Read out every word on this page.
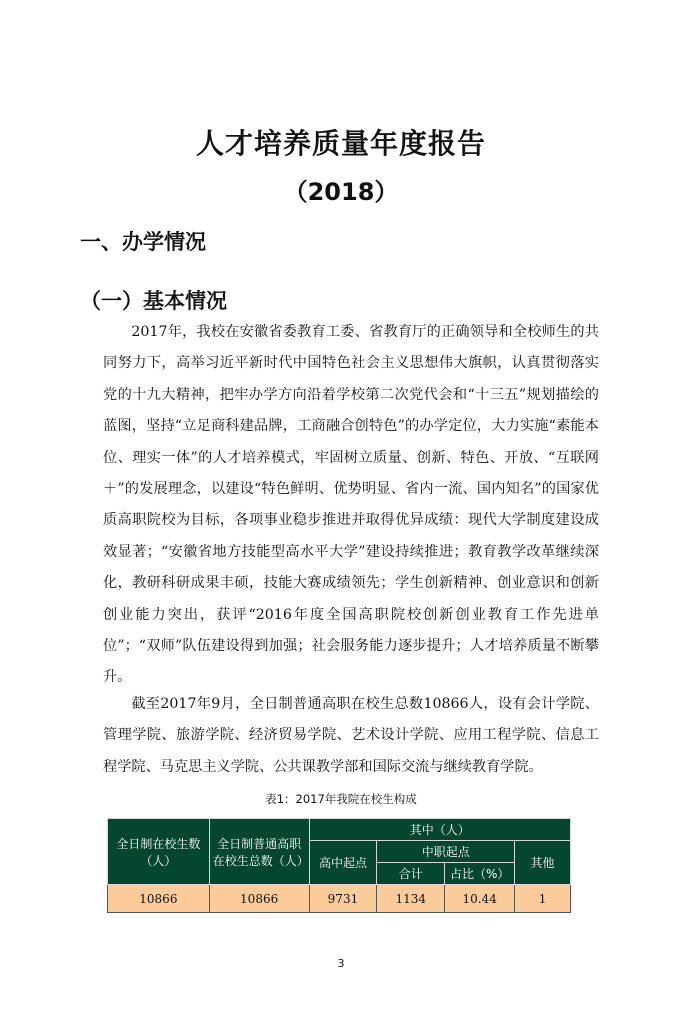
人才培养质量年度报告
（2018）
一、办学情况
（一）基本情况

2017年，我校在安徽省委教育工委、省教育厅的正确领导和全校师生的共同努力下，高举习近平新时代中国特色社会主义思想伟大旗帜，认真贯彻落实党的十九大精神，把牢办学方向沿着学校第二次党代会和“十三五”规划描绘的蓝图，坚持“立足商科建品牌，工商融合创特色”的办学定位，大力实施“素能本位、理实一体”的人才培养模式，牢固树立质量、创新、特色、开放、“互联网＋”的发展理念，以建设“特色鲜明、优势明显、省内一流、国内知名”的国家优质高职院校为目标，各项事业稳步推进并取得优异成绩：现代大学制度建设成效显著；“安徽省地方技能型高水平大学”建设持续推进；教育教学改革继续深化，教研科研成果丰硕，技能大赛成绩领先；学生创新精神、创业意识和创新创业能力突出，获评“2016年度全国高职院校创新创业教育工作先进单位”；“双师”队伍建设得到加强；社会服务能力逐步提升；人才培养质量不断攀升。

截至2017年9月，全日制普通高职在校生总数10866人，设有会计学院、管理学院、旅游学院、经济贸易学院、艺术设计学院、应用工程学院、信息工程学院、马克思主义学院、公共课教学部和国际交流与继续教育学院。

表1：2017年我院在校生构成
全日制在校生数（人）	全日制普通高职在校生总数（人）	其中（人）			
		高中起点	中职起点		其他
			合计	占比（%）	
10866	10866	9731	1134	10.44	1
3
